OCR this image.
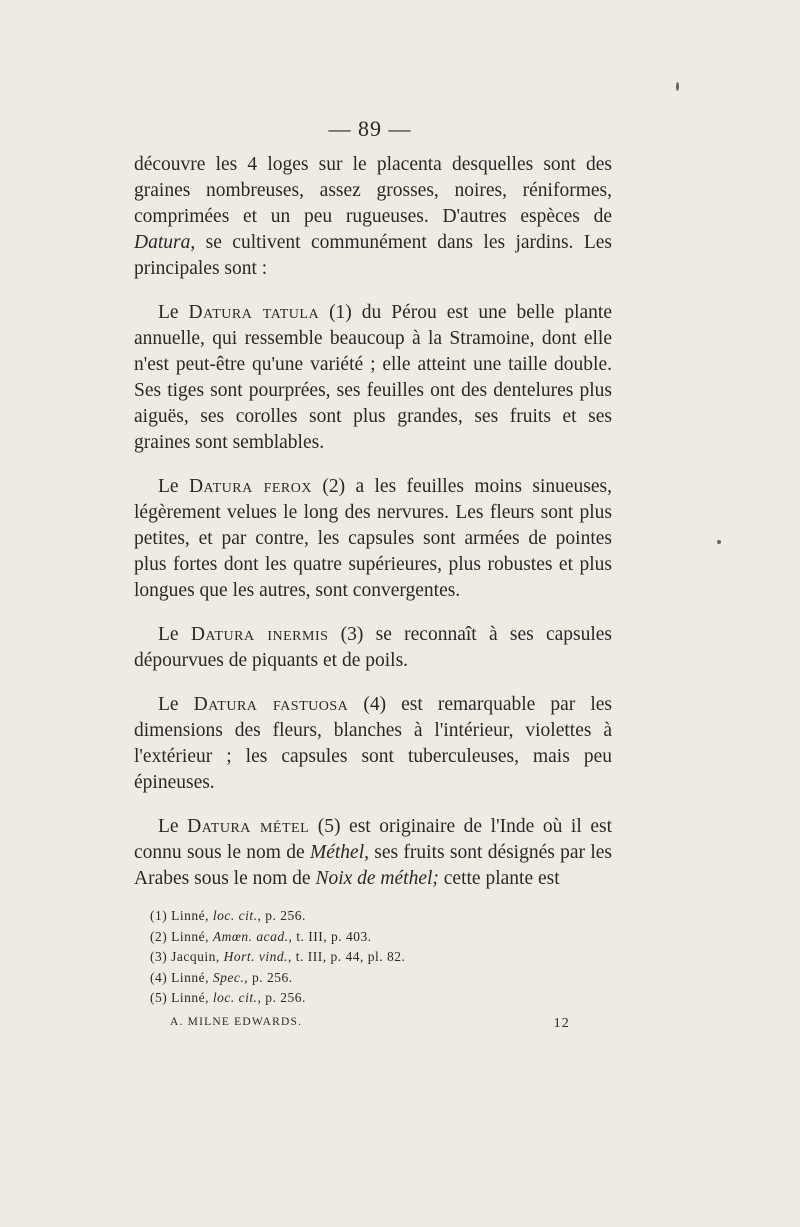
— 89 —

découvre les 4 loges sur le placenta desquelles sont des graines nombreuses, assez grosses, noires, réniformes, comprimées et un peu rugueuses. D'autres espèces de Datura, se cultivent communément dans les jardins. Les principales sont :

Le Datura tatula (1) du Pérou est une belle plante annuelle, qui ressemble beaucoup à la Stramoine, dont elle n'est peut-être qu'une variété ; elle atteint une taille double. Ses tiges sont pourprées, ses feuilles ont des dentelures plus aiguës, ses corolles sont plus grandes, ses fruits et ses graines sont semblables.

Le Datura ferox (2) a les feuilles moins sinueuses, légèrement velues le long des nervures. Les fleurs sont plus petites, et par contre, les capsules sont armées de pointes plus fortes dont les quatre supérieures, plus robustes et plus longues que les autres, sont convergentes.

Le Datura inermis (3) se reconnaît à ses capsules dépourvues de piquants et de poils.

Le Datura fastuosa (4) est remarquable par les dimensions des fleurs, blanches à l'intérieur, violettes à l'extérieur ; les capsules sont tuberculeuses, mais peu épineuses.

Le Datura métel (5) est originaire de l'Inde où il est connu sous le nom de Méthel, ses fruits sont désignés par les Arabes sous le nom de Noix de méthel; cette plante est

(1) Linné, loc. cit., p. 256.
(2) Linné, Amœn. acad., t. III, p. 403.
(3) Jacquin, Hort. vind., t. III, p. 44, pl. 82.
(4) Linné, Spec., p. 256.
(5) Linné, loc. cit., p. 256.
A. MILNE EDWARDS.	12
